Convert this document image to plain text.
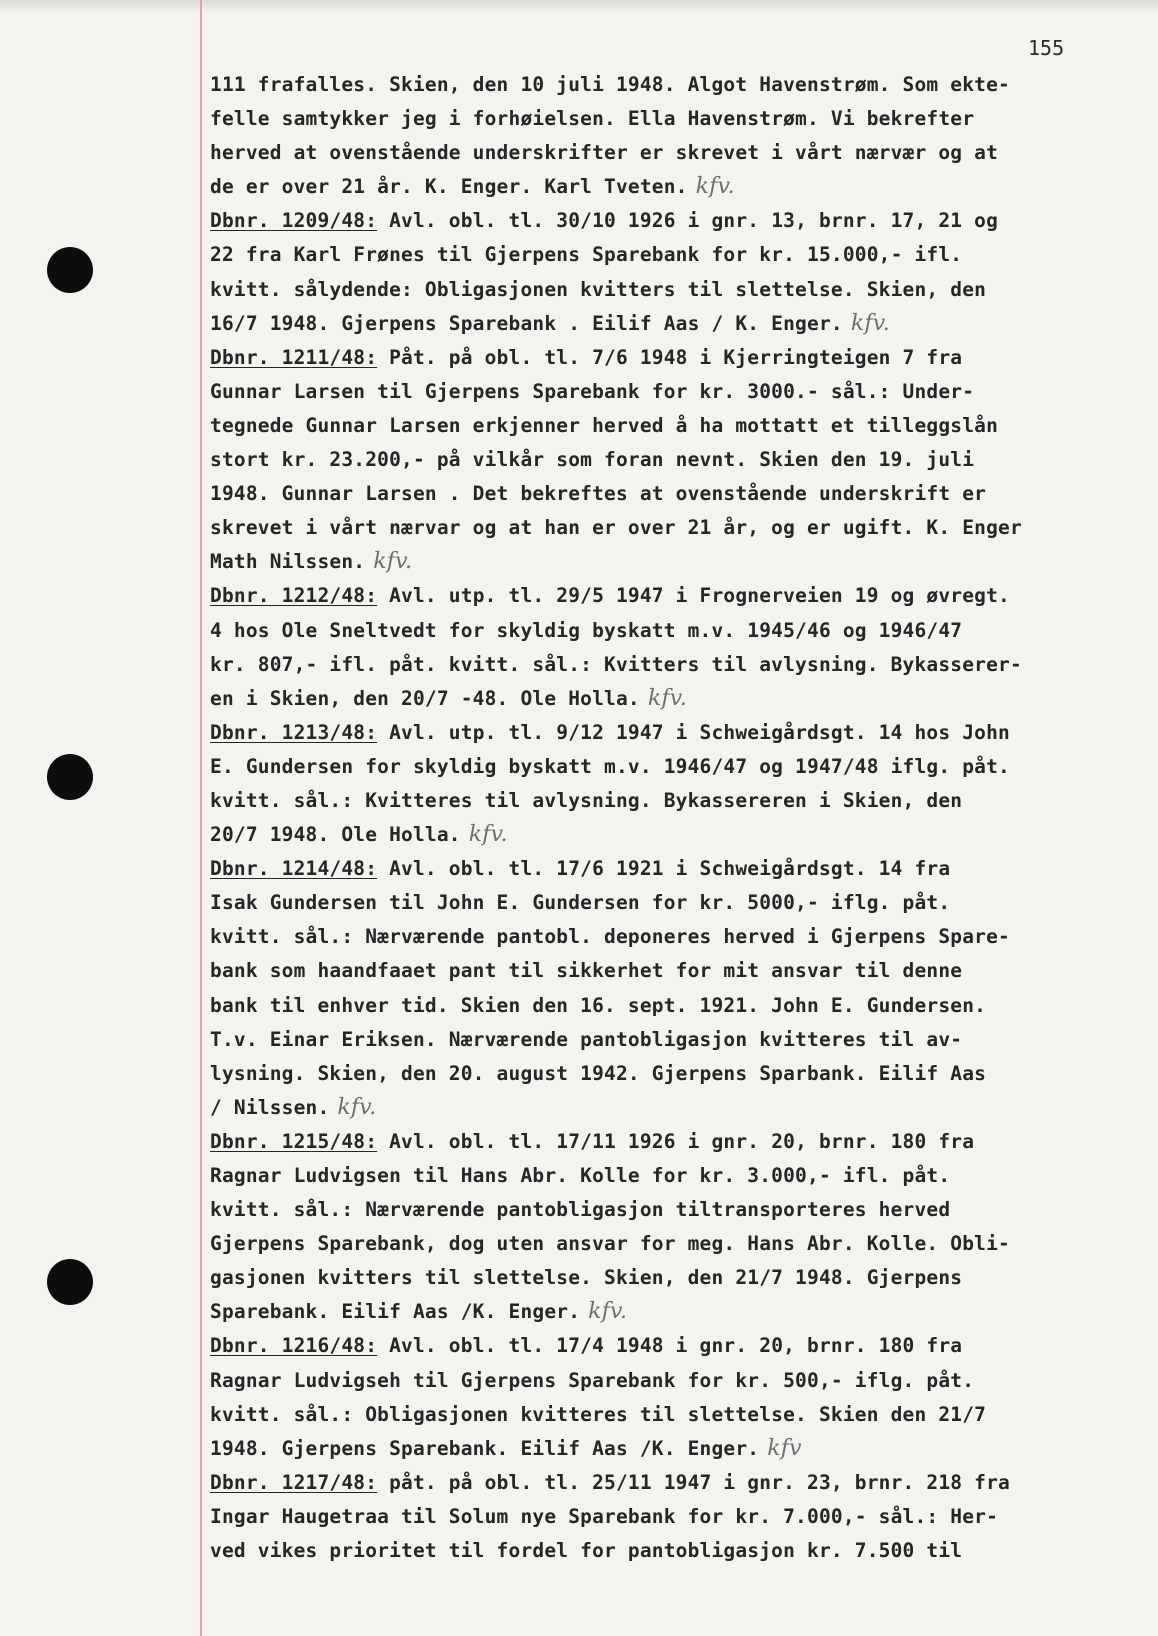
155
111 frafalles. Skien, den 10 juli 1948. Algot Havenstrøm. Som ekte-
felle samtykker jeg i forhøielsen. Ella Havenstrøm. Vi bekrefter
herved at ovenstående underskrifter er skrevet i vårt nærvær og at
de er over 21 år. K. Enger. Karl Tveten. kfv.
Dbnr. 1209/48: Avl. obl. tl. 30/10 1926 i gnr. 13, brnr. 17, 21 og
22 fra Karl Frønes til Gjerpens Sparebank for kr. 15.000,- ifl.
kvitt. sålydende: Obligasjonen kvitters til slettelse. Skien, den
16/7 1948. Gjerpens Sparebank . Eilif Aas / K. Enger. kfv.
Dbnr. 1211/48: Påt. på obl. tl. 7/6 1948 i Kjerringteigen 7 fra
Gunnar Larsen til Gjerpens Sparebank for kr. 3000.- sål.: Under-
tegnede Gunnar Larsen erkjenner herved å ha mottatt et tilleggslån
stort kr. 23.200,- på vilkår som foran nevnt. Skien den 19. juli
1948. Gunnar Larsen . Det bekreftes at ovenstående underskrift er
skrevet i vårt nærvar og at han er over 21 år, og er ugift. K. Enger
Math Nilssen. kfv.
Dbnr. 1212/48: Avl. utp. tl. 29/5 1947 i Frognerveien 19 og øvregt.
4 hos Ole Sneltvedt for skyldig byskatt m.v. 1945/46 og 1946/47
kr. 807,- ifl. påt. kvitt. sål.: Kvitters til avlysning. Bykasserer-
en i Skien, den 20/7 -48. Ole Holla. kfv.
Dbnr. 1213/48: Avl. utp. tl. 9/12 1947 i Schweigårdsgt. 14 hos John
E. Gundersen for skyldig byskatt m.v. 1946/47 og 1947/48 iflg. påt.
kvitt. sål.: Kvitteres til avlysning. Bykassereren i Skien, den
20/7 1948. Ole Holla. kfv.
Dbnr. 1214/48: Avl. obl. tl. 17/6 1921 i Schweigårdsgt. 14 fra
Isak Gundersen til John E. Gundersen for kr. 5000,- iflg. påt.
kvitt. sål.: Nærværende pantobl. deponeres herved i Gjerpens Spare-
bank som haandfaaet pant til sikkerhet for mit ansvar til denne
bank til enhver tid. Skien den 16. sept. 1921. John E. Gundersen.
T.v. Einar Eriksen. Nærværende pantobligasjon kvitteres til av-
lysning. Skien, den 20. august 1942. Gjerpens Sparbank. Eilif Aas
/ Nilssen. kfv.
Dbnr. 1215/48: Avl. obl. tl. 17/11 1926 i gnr. 20, brnr. 180 fra
Ragnar Ludvigsen til Hans Abr. Kolle for kr. 3.000,- ifl. påt.
kvitt. sål.: Nærværende pantobligasjon tiltransporteres herved
Gjerpens Sparebank, dog uten ansvar for meg. Hans Abr. Kolle. Obli-
gasjonen kvitters til slettelse. Skien, den 21/7 1948. Gjerpens
Sparebank. Eilif Aas /K. Enger. kfv.
Dbnr. 1216/48: Avl. obl. tl. 17/4 1948 i gnr. 20, brnr. 180 fra
Ragnar Ludvigseh til Gjerpens Sparebank for kr. 500,- iflg. påt.
kvitt. sål.: Obligasjonen kvitteres til slettelse. Skien den 21/7
1948. Gjerpens Sparebank. Eilif Aas /K. Enger. kfv
Dbnr. 1217/48: påt. på obl. tl. 25/11 1947 i gnr. 23, brnr. 218 fra
Ingar Haugetraa til Solum nye Sparebank for kr. 7.000,- sål.: Her-
ved vikes prioritet til fordel for pantobligasjon kr. 7.500 til
